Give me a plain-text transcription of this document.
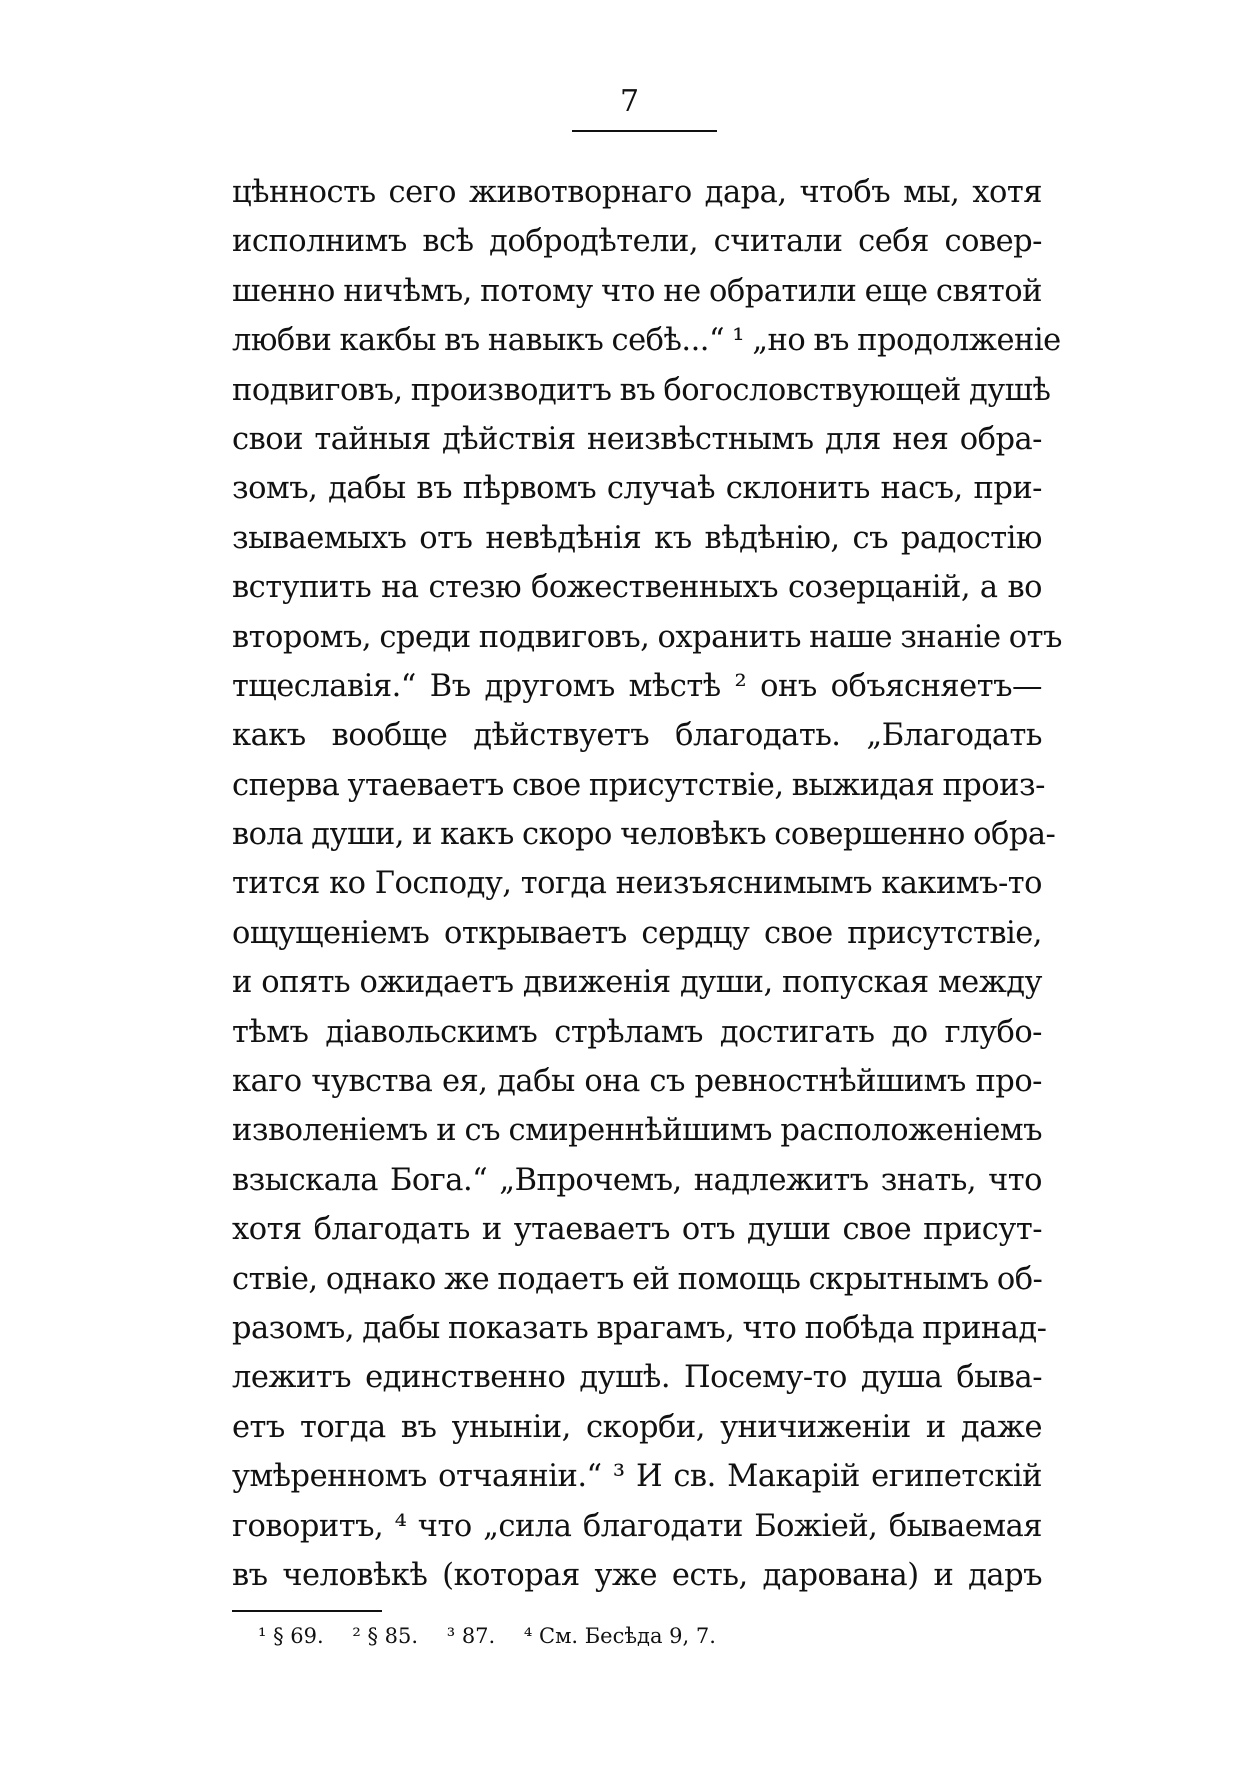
7
цѣнность сего животворнаго дара, чтобъ мы, хотя
исполнимъ всѣ добродѣтели, считали себя совер-
шенно ничѣмъ, потому что не обратили еще святой
любви какбы въ навыкъ себѣ...“ ¹ „но въ продолженіе
подвиговъ, производитъ въ богословствующей душѣ
свои тайныя дѣйствія неизвѣстнымъ для нея обра-
зомъ, дабы въ пѣрвомъ случаѣ склонить насъ, при-
зываемыхъ отъ невѣдѣнія къ вѣдѣнію, съ радостію
вступить на стезю божественныхъ созерцаній, а во
второмъ, среди подвиговъ, охранить наше знаніе отъ
тщеславія.“ Въ другомъ мѣстѣ ² онъ объясняетъ—
какъ вообще дѣйствуетъ благодать. „Благодать
сперва утаеваетъ свое присутствіе, выжидая произ-
вола души, и какъ скоро человѣкъ совершенно обра-
тится ко Господу, тогда неизъяснимымъ какимъ-то
ощущеніемъ открываетъ сердцу свое присутствіе,
и опять ожидаетъ движенія души, попуская между
тѣмъ діавольскимъ стрѣламъ достигать до глубо-
каго чувства ея, дабы она съ ревностнѣйшимъ про-
изволеніемъ и съ смиреннѣйшимъ расположеніемъ
взыскала Бога.“ „Впрочемъ, надлежитъ знать, что
хотя благодать и утаеваетъ отъ души свое присут-
ствіе, однако же подаетъ ей помощь скрытнымъ об-
разомъ, дабы показать врагамъ, что побѣда принад-
лежитъ единственно душѣ. Посему-то душа быва-
етъ тогда въ уныніи, скорби, уничиженіи и даже
умѣренномъ отчаяніи.“ ³ И св. Макарій египетскій
говоритъ, ⁴ что „сила благодати Божіей, бываемая
въ человѣкѣ (которая уже есть, дарована) и даръ
¹ § 69. ² § 85. ³ 87. ⁴ См. Бесѣда 9, 7.
